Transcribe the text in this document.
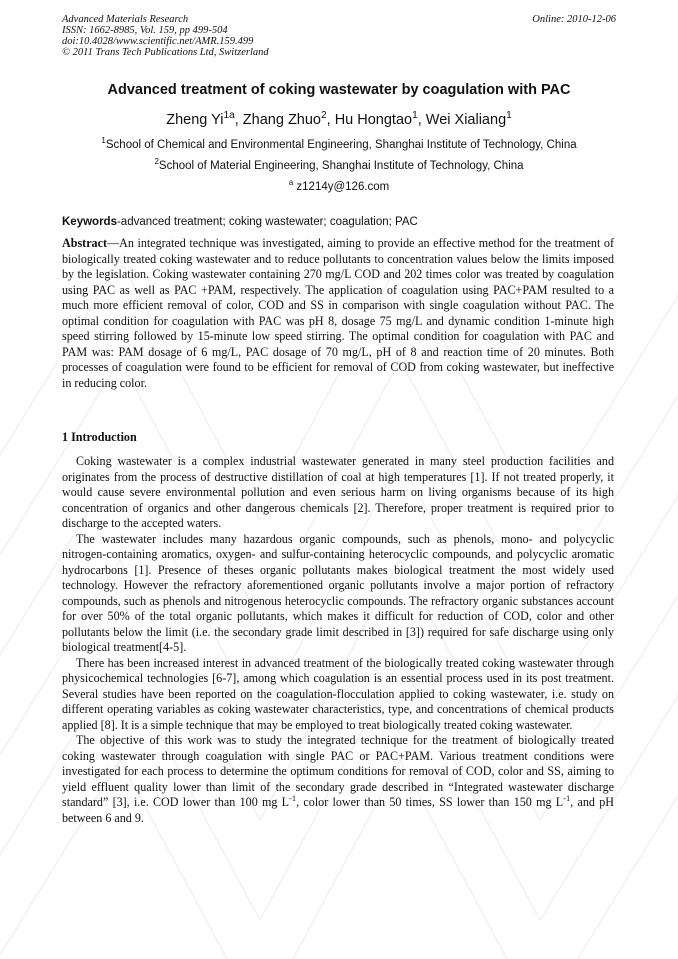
Advanced Materials Research
ISSN: 1662-8985, Vol. 159, pp 499-504
doi:10.4028/www.scientific.net/AMR.159.499
© 2011 Trans Tech Publications Ltd, Switzerland
Online: 2010-12-06
Advanced treatment of coking wastewater by coagulation with PAC
Zheng $Yi^{1a}$, Zhang Zhuo$^2$, Hu Hongtao$^1$, Wei Xialiang$^1$
$^1$School of Chemical and Environmental Engineering, Shanghai Institute of Technology, China
$^2$School of Material Engineering, Shanghai Institute of Technology, China
$^a$ z1214y@126.com
Keywords-advanced treatment; coking wastewater; coagulation; PAC
Abstract—An integrated technique was investigated, aiming to provide an effective method for the treatment of biologically treated coking wastewater and to reduce pollutants to concentration values below the limits imposed by the legislation. Coking wastewater containing 270 mg/L COD and 202 times color was treated by coagulation using PAC as well as PAC +PAM, respectively. The application of coagulation using PAC+PAM resulted to a much more efficient removal of color, COD and SS in comparison with single coagulation without PAC. The optimal condition for coagulation with PAC was pH 8, dosage 75 mg/L and dynamic condition 1-minute high speed stirring followed by 15-minute low speed stirring. The optimal condition for coagulation with PAC and PAM was: PAM dosage of 6 mg/L, PAC dosage of 70 mg/L, pH of 8 and reaction time of 20 minutes. Both processes of coagulation were found to be efficient for removal of COD from coking wastewater, but ineffective in reducing color.
1 Introduction

Coking wastewater is a complex industrial wastewater generated in many steel production facilities and originates from the process of destructive distillation of coal at high temperatures [1]. If not treated properly, it would cause severe environmental pollution and even serious harm on living organisms because of its high concentration of organics and other dangerous chemicals [2]. Therefore, proper treatment is required prior to discharge to the accepted waters.

The wastewater includes many hazardous organic compounds, such as phenols, mono- and polycyclic nitrogen-containing aromatics, oxygen- and sulfur-containing heterocyclic compounds, and polycyclic aromatic hydrocarbons [1]. Presence of theses organic pollutants makes biological treatment the most widely used technology. However the refractory aforementioned organic pollutants involve a major portion of refractory compounds, such as phenols and nitrogenous heterocyclic compounds. The refractory organic substances account for over 50% of the total organic pollutants, which makes it difficult for reduction of COD, color and other pollutants below the limit (i.e. the secondary grade limit described in [3]) required for safe discharge using only biological treatment[4-5].

There has been increased interest in advanced treatment of the biologically treated coking wastewater through physicochemical technologies [6-7], among which coagulation is an essential process used in its post treatment. Several studies have been reported on the coagulation-flocculation applied to coking wastewater, i.e. study on different operating variables as coking wastewater characteristics, type, and concentrations of chemical products applied [8]. It is a simple technique that may be employed to treat biologically treated coking wastewater.

The objective of this work was to study the integrated technique for the treatment of biologically treated coking wastewater through coagulation with single PAC or PAC+PAM. Various treatment conditions were investigated for each process to determine the optimum conditions for removal of COD, color and SS, aiming to yield effluent quality lower than limit of the secondary grade described in “Integrated wastewater discharge standard” [3], i.e. COD lower than 100 mg $L^{-1}$, color lower than 50 times, SS lower than 150 mg $L^{-1}$, and pH between 6 and 9.
